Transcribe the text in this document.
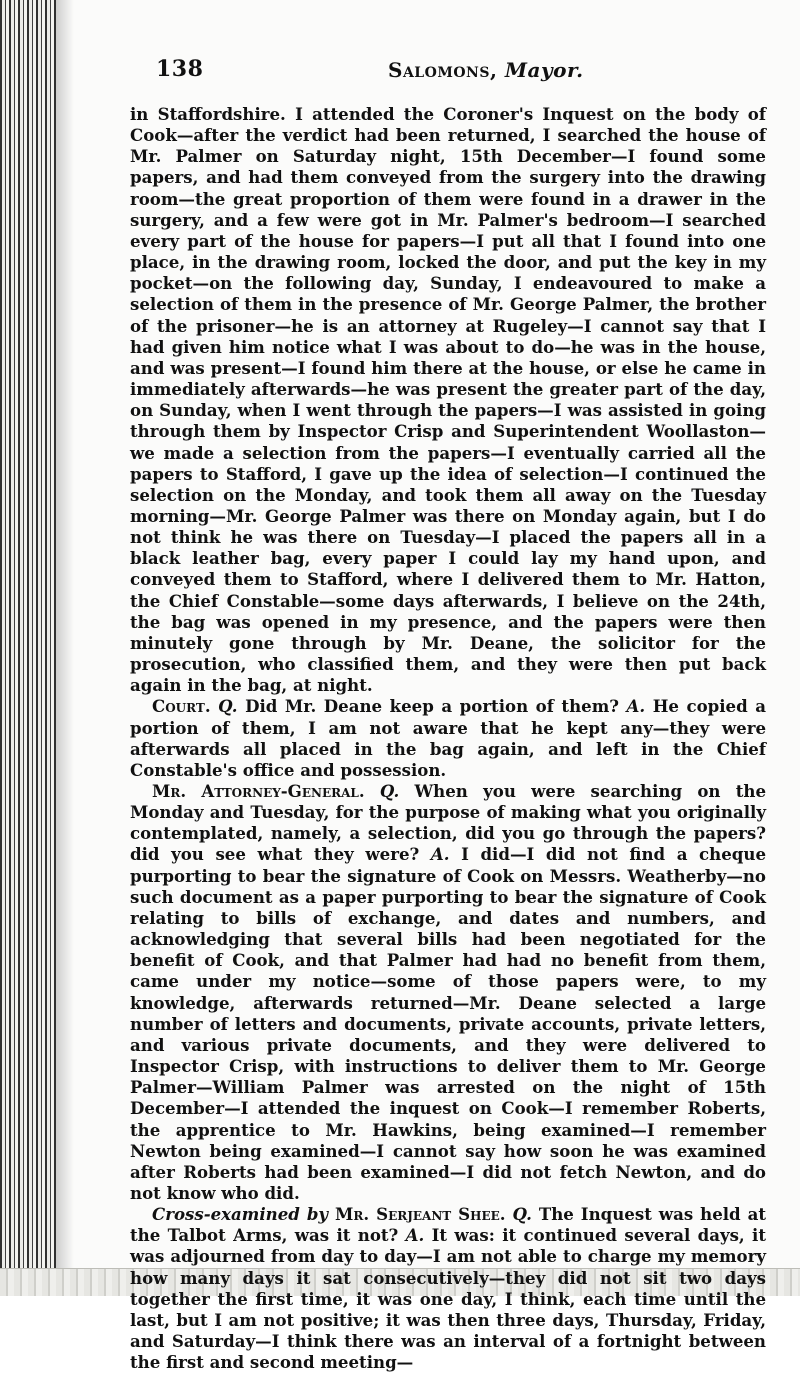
138	Salomons, Mayor.

in Staffordshire. I attended the Coroner's Inquest on the body of Cook—after the verdict had been returned, I searched the house of Mr. Palmer on Saturday night, 15th December—I found some papers, and had them conveyed from the surgery into the drawing room—the great proportion of them were found in a drawer in the surgery, and a few were got in Mr. Palmer's bedroom—I searched every part of the house for papers—I put all that I found into one place, in the drawing room, locked the door, and put the key in my pocket—on the following day, Sunday, I endeavoured to make a selection of them in the presence of Mr. George Palmer, the brother of the prisoner—he is an attorney at Rugeley—I cannot say that I had given him notice what I was about to do—he was in the house, and was present—I found him there at the house, or else he came in immediately afterwards—he was present the greater part of the day, on Sunday, when I went through the papers—I was assisted in going through them by Inspector Crisp and Superintendent Woollaston—we made a selection from the papers—I eventually carried all the papers to Stafford, I gave up the idea of selection—I continued the selection on the Monday, and took them all away on the Tuesday morning—Mr. George Palmer was there on Monday again, but I do not think he was there on Tuesday—I placed the papers all in a black leather bag, every paper I could lay my hand upon, and conveyed them to Stafford, where I delivered them to Mr. Hatton, the Chief Constable—some days afterwards, I believe on the 24th, the bag was opened in my presence, and the papers were then minutely gone through by Mr. Deane, the solicitor for the prosecution, who classified them, and they were then put back again in the bag, at night.

Court. Q. Did Mr. Deane keep a portion of them? A. He copied a portion of them, I am not aware that he kept any—they were afterwards all placed in the bag again, and left in the Chief Constable's office and possession.

Mr. Attorney-General. Q. When you were searching on the Monday and Tuesday, for the purpose of making what you originally contemplated, namely, a selection, did you go through the papers? did you see what they were? A. I did—I did not find a cheque purporting to bear the signature of Cook on Messrs. Weatherby—no such document as a paper purporting to bear the signature of Cook relating to bills of exchange, and dates and numbers, and acknowledging that several bills had been negotiated for the benefit of Cook, and that Palmer had had no benefit from them, came under my notice—some of those papers were, to my knowledge, afterwards returned—Mr. Deane selected a large number of letters and documents, private accounts, private letters, and various private documents, and they were delivered to Inspector Crisp, with instructions to deliver them to Mr. George Palmer—William Palmer was arrested on the night of 15th December—I attended the inquest on Cook—I remember Roberts, the apprentice to Mr. Hawkins, being examined—I remember Newton being examined—I cannot say how soon he was examined after Roberts had been examined—I did not fetch Newton, and do not know who did.

Cross-examined by Mr. Serjeant Shee. Q. The Inquest was held at the Talbot Arms, was it not? A. It was: it continued several days, it was adjourned from day to day—I am not able to charge my memory how many days it sat consecutively—they did not sit two days together the first time, it was one day, I think, each time until the last, but I am not positive; it was then three days, Thursday, Friday, and Saturday—I think there was an interval of a fortnight between the first and second meeting—
